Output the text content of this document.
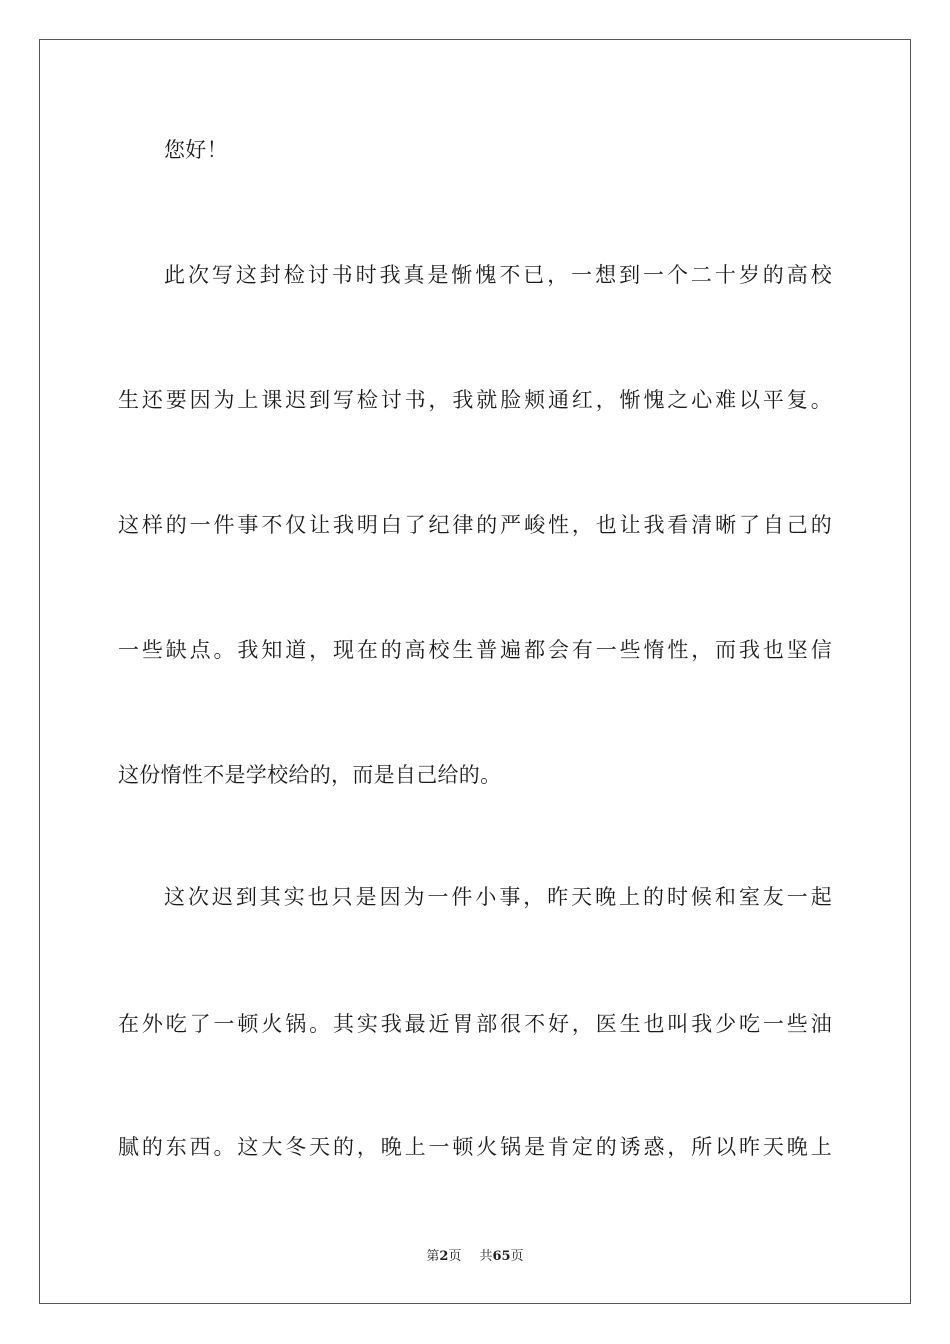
您好！
此次写这封检讨书时我真是惭愧不已，一想到一个二十岁的高校
生还要因为上课迟到写检讨书，我就脸颊通红，惭愧之心难以平复。
这样的一件事不仅让我明白了纪律的严峻性，也让我看清晰了自己的
一些缺点。我知道，现在的高校生普遍都会有一些惰性，而我也坚信
这份惰性不是学校给的，而是自己给的。
这次迟到其实也只是因为一件小事，昨天晚上的时候和室友一起
在外吃了一顿火锅。其实我最近胃部很不好，医生也叫我少吃一些油
腻的东西。这大冬天的，晚上一顿火锅是肯定的诱惑，所以昨天晚上
第2页 共65页
